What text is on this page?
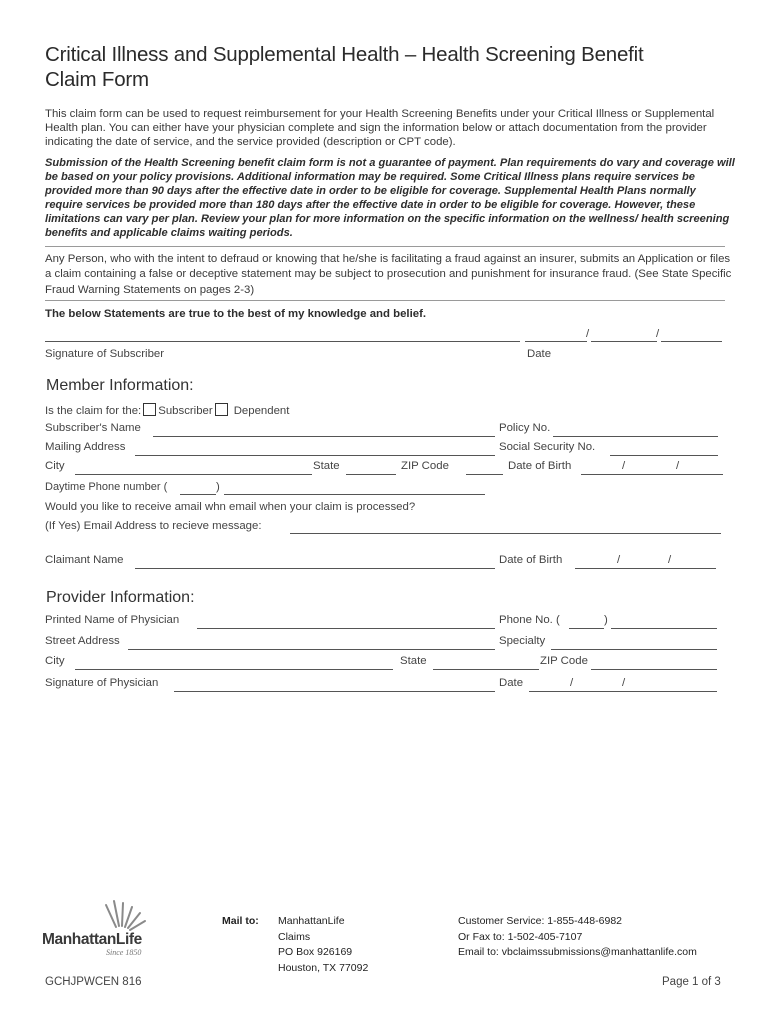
Critical Illness and Supplemental Health – Health Screening Benefit
Claim Form
This claim form can be used to request reimbursement for your Health Screening Benefits under your Critical Illness or Supplemental Health plan. You can either have your physician complete and sign the information below or attach documentation from the provider indicating the date of service, and the service provided (description or CPT code).
Submission of the Health Screening benefit claim form is not a guarantee of payment. Plan requirements do vary and coverage will be based on your policy provisions. Additional information may be required. Some Critical Illness plans require services be provided more than 90 days after the effective date in order to be eligible for coverage. Supplemental Health Plans normally require services be provided more than 180 days after the effective date in order to be eligible for coverage. However, these limitations can vary per plan. Review your plan for more information on the specific information on the wellness/ health screening benefits and applicable claims waiting periods.
Any Person, who with the intent to defraud or knowing that he/she is facilitating a fraud against an insurer, submits an Application or files a claim containing a false or deceptive statement may be subject to prosecution and punishment for insurance fraud. (See State Specific Fraud Warning Statements on pages 2-3)
The below Statements are true to the best of my knowledge and belief.
/	/
Signature of Subscriber	Date
Member Information:
Is the claim for the: Subscriber Dependent
Subscriber's Name	Policy No.
Mailing Address	Social Security No.
City	State	ZIP Code	Date of Birth	/	/
Daytime Phone number (	)
Would you like to receive amail whn email when your claim is processed?
(If Yes) Email Address to recieve message:
Claimant Name	Date of Birth	/	/
Provider Information:
Printed Name of Physician	Phone No. (	)
Street Address	Specialty
City	State	ZIP Code
Signature of Physician	Date	/	/
ManhattanLife
Since 1850
Mail to: ManhattanLife
Claims
PO Box 926169
Houston, TX 77092
Customer Service: 1-855-448-6982
Or Fax to: 1-502-405-7107
Email to: vbclaimssubmissions@manhattanlife.com
GCHJPWCEN 816	Page 1 of 3
